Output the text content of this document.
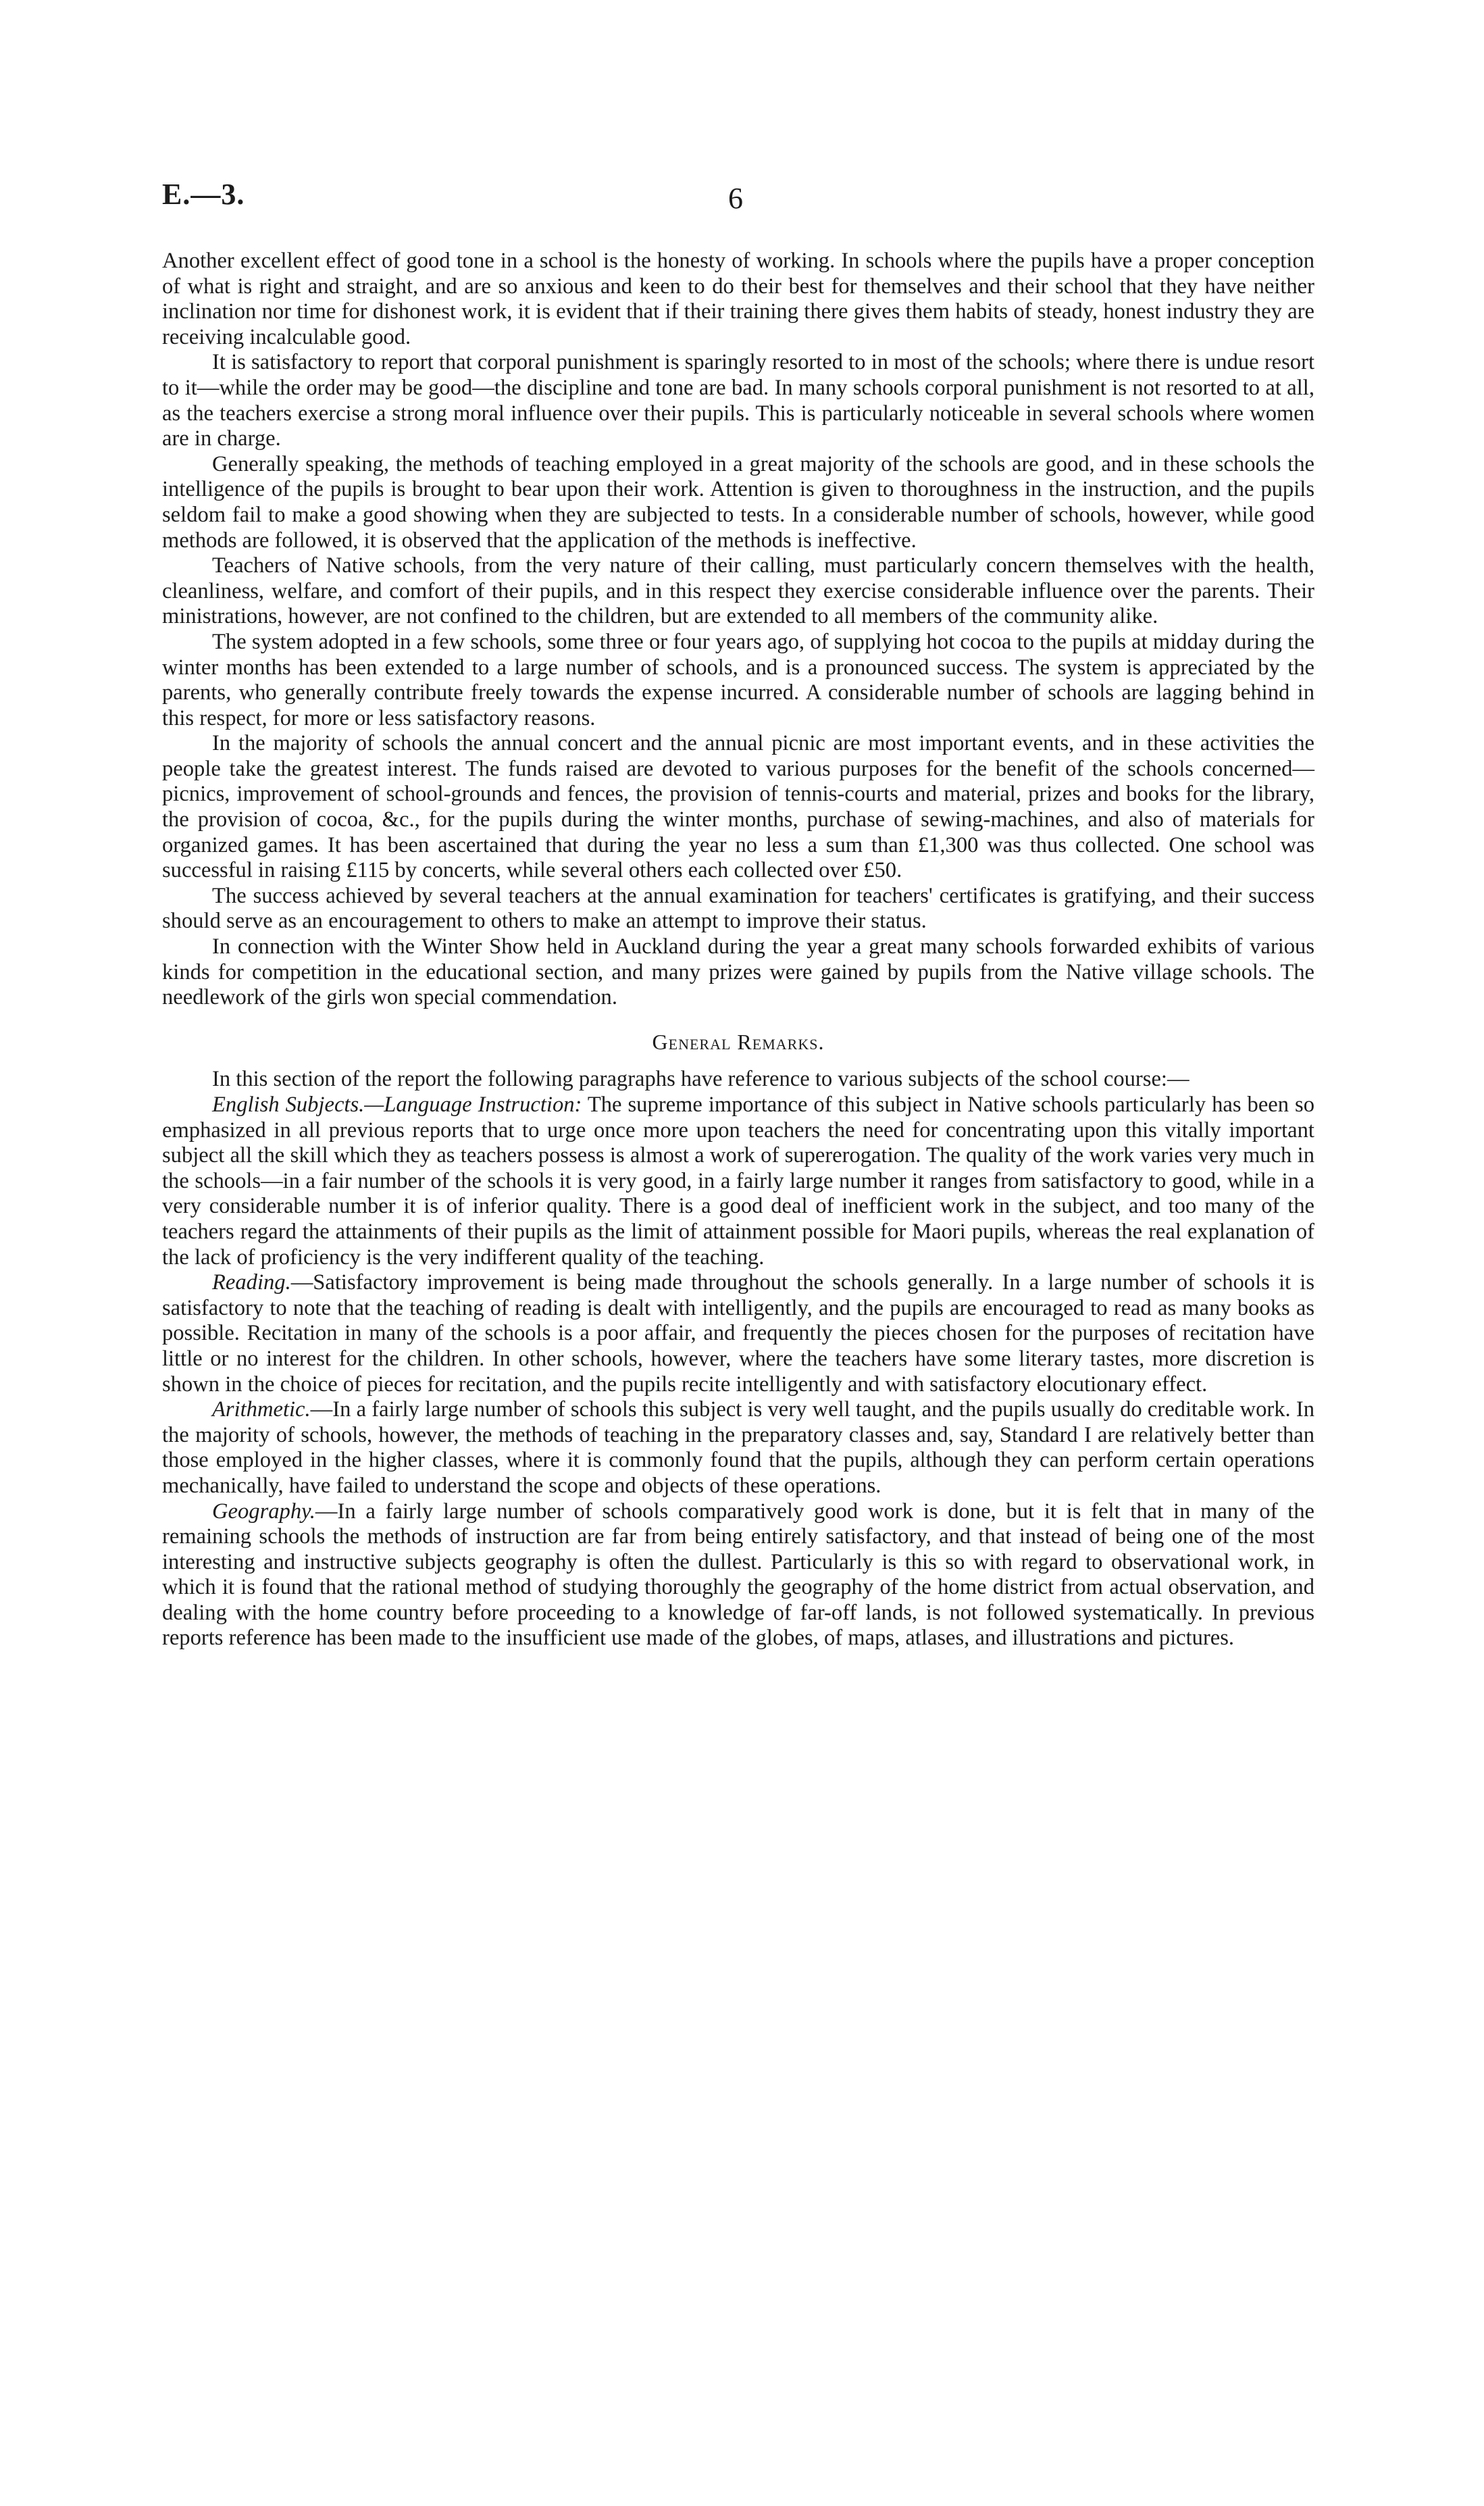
E.—3.	6

Another excellent effect of good tone in a school is the honesty of working. In schools where the pupils have a proper conception of what is right and straight, and are so anxious and keen to do their best for themselves and their school that they have neither inclination nor time for dishonest work, it is evident that if their training there gives them habits of steady, honest industry they are receiving incalculable good.

It is satisfactory to report that corporal punishment is sparingly resorted to in most of the schools; where there is undue resort to it—while the order may be good—the discipline and tone are bad. In many schools corporal punishment is not resorted to at all, as the teachers exercise a strong moral influence over their pupils. This is particularly noticeable in several schools where women are in charge.

Generally speaking, the methods of teaching employed in a great majority of the schools are good, and in these schools the intelligence of the pupils is brought to bear upon their work. Attention is given to thoroughness in the instruction, and the pupils seldom fail to make a good showing when they are subjected to tests. In a considerable number of schools, however, while good methods are followed, it is observed that the application of the methods is ineffective.

Teachers of Native schools, from the very nature of their calling, must particularly concern themselves with the health, cleanliness, welfare, and comfort of their pupils, and in this respect they exercise considerable influence over the parents. Their ministrations, however, are not confined to the children, but are extended to all members of the community alike.

The system adopted in a few schools, some three or four years ago, of supplying hot cocoa to the pupils at midday during the winter months has been extended to a large number of schools, and is a pronounced success. The system is appreciated by the parents, who generally contribute freely towards the expense incurred. A considerable number of schools are lagging behind in this respect, for more or less satisfactory reasons.

In the majority of schools the annual concert and the annual picnic are most important events, and in these activities the people take the greatest interest. The funds raised are devoted to various purposes for the benefit of the schools concerned—picnics, improvement of school-grounds and fences, the provision of tennis-courts and material, prizes and books for the library, the provision of cocoa, &c., for the pupils during the winter months, purchase of sewing-machines, and also of materials for organized games. It has been ascertained that during the year no less a sum than £1,300 was thus collected. One school was successful in raising £115 by concerts, while several others each collected over £50.

The success achieved by several teachers at the annual examination for teachers' certificates is gratifying, and their success should serve as an encouragement to others to make an attempt to improve their status.

In connection with the Winter Show held in Auckland during the year a great many schools forwarded exhibits of various kinds for competition in the educational section, and many prizes were gained by pupils from the Native village schools. The needlework of the girls won special commendation.

General Remarks.

In this section of the report the following paragraphs have reference to various subjects of the school course:—

English Subjects.—Language Instruction: The supreme importance of this subject in Native schools particularly has been so emphasized in all previous reports that to urge once more upon teachers the need for concentrating upon this vitally important subject all the skill which they as teachers possess is almost a work of supererogation. The quality of the work varies very much in the schools—in a fair number of the schools it is very good, in a fairly large number it ranges from satisfactory to good, while in a very considerable number it is of inferior quality. There is a good deal of inefficient work in the subject, and too many of the teachers regard the attainments of their pupils as the limit of attainment possible for Maori pupils, whereas the real explanation of the lack of proficiency is the very indifferent quality of the teaching.

Reading.—Satisfactory improvement is being made throughout the schools generally. In a large number of schools it is satisfactory to note that the teaching of reading is dealt with intelligently, and the pupils are encouraged to read as many books as possible. Recitation in many of the schools is a poor affair, and frequently the pieces chosen for the purposes of recitation have little or no interest for the children. In other schools, however, where the teachers have some literary tastes, more discretion is shown in the choice of pieces for recitation, and the pupils recite intelligently and with satisfactory elocutionary effect.

Arithmetic.—In a fairly large number of schools this subject is very well taught, and the pupils usually do creditable work. In the majority of schools, however, the methods of teaching in the preparatory classes and, say, Standard I are relatively better than those employed in the higher classes, where it is commonly found that the pupils, although they can perform certain operations mechanically, have failed to understand the scope and objects of these operations.

Geography.—In a fairly large number of schools comparatively good work is done, but it is felt that in many of the remaining schools the methods of instruction are far from being entirely satisfactory, and that instead of being one of the most interesting and instructive subjects geography is often the dullest. Particularly is this so with regard to observational work, in which it is found that the rational method of studying thoroughly the geography of the home district from actual observation, and dealing with the home country before proceeding to a knowledge of far-off lands, is not followed systematically. In previous reports reference has been made to the insufficient use made of the globes, of maps, atlases, and illustrations and pictures.
